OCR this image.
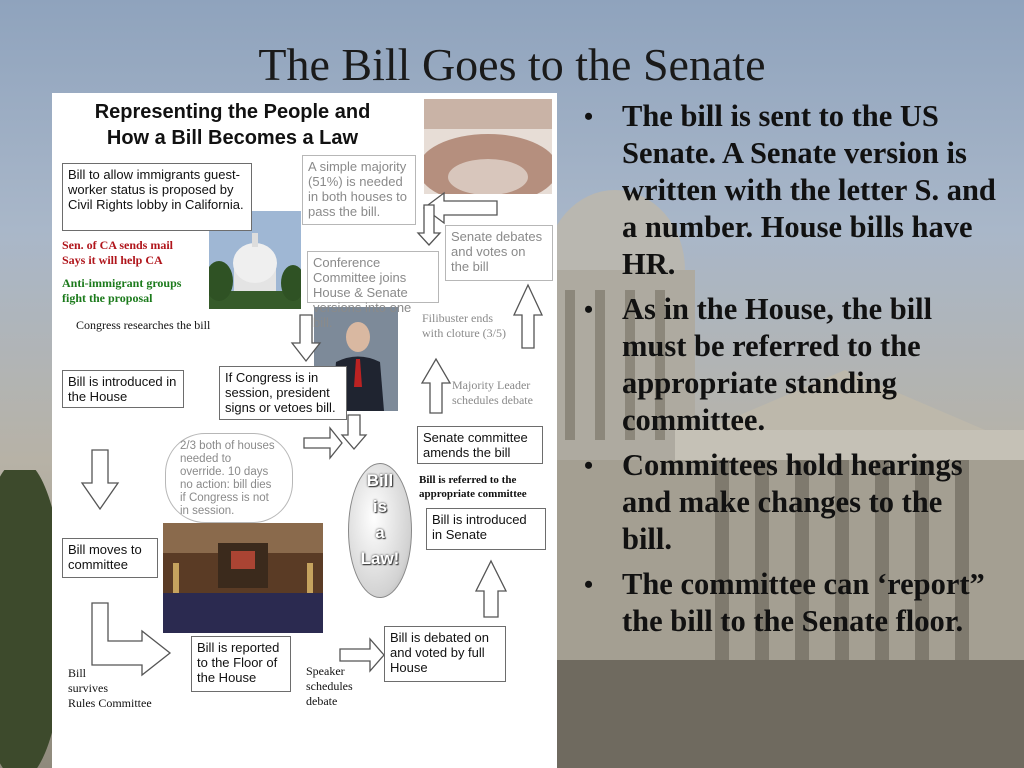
The Bill Goes to the Senate
Representing the People and
How a Bill Becomes a Law
Bill to allow immigrants guest-worker status is proposed by Civil Rights lobby in California.
Sen. of CA sends mail
Says it will help CA
Anti-immigrant groups
fight the proposal
Congress researches the bill
A simple majority (51%) is needed in both houses to pass the bill.
Senate debates and votes on the bill
Conference Committee joins House & Senate versions into one bill.	Filibuster ends
with cloture (3/5)
Bill is introduced in the House
If Congress is in session, president signs or vetoes bill.
Majority Leader
schedules debate
2/3 both of houses needed to override. 10 days no action: bill dies if Congress is not in session.
Senate committee amends the bill
Bill is referred to the
appropriate committee
Bill
is
a
Law!
Bill is introduced in Senate
Bill moves to committee
Bill is reported to the Floor of the House
Bill is debated on and voted by full House
Bill
survives
Rules Committee
Speaker
schedules
debate
• The bill is sent to the US Senate. A Senate version is written with the letter S. and a number. House bills have HR.
• As in the House, the bill must be referred to the appropriate standing committee.
• Committees hold hearings and make changes to the bill.
• The committee can ‘report” the bill to the Senate floor.
